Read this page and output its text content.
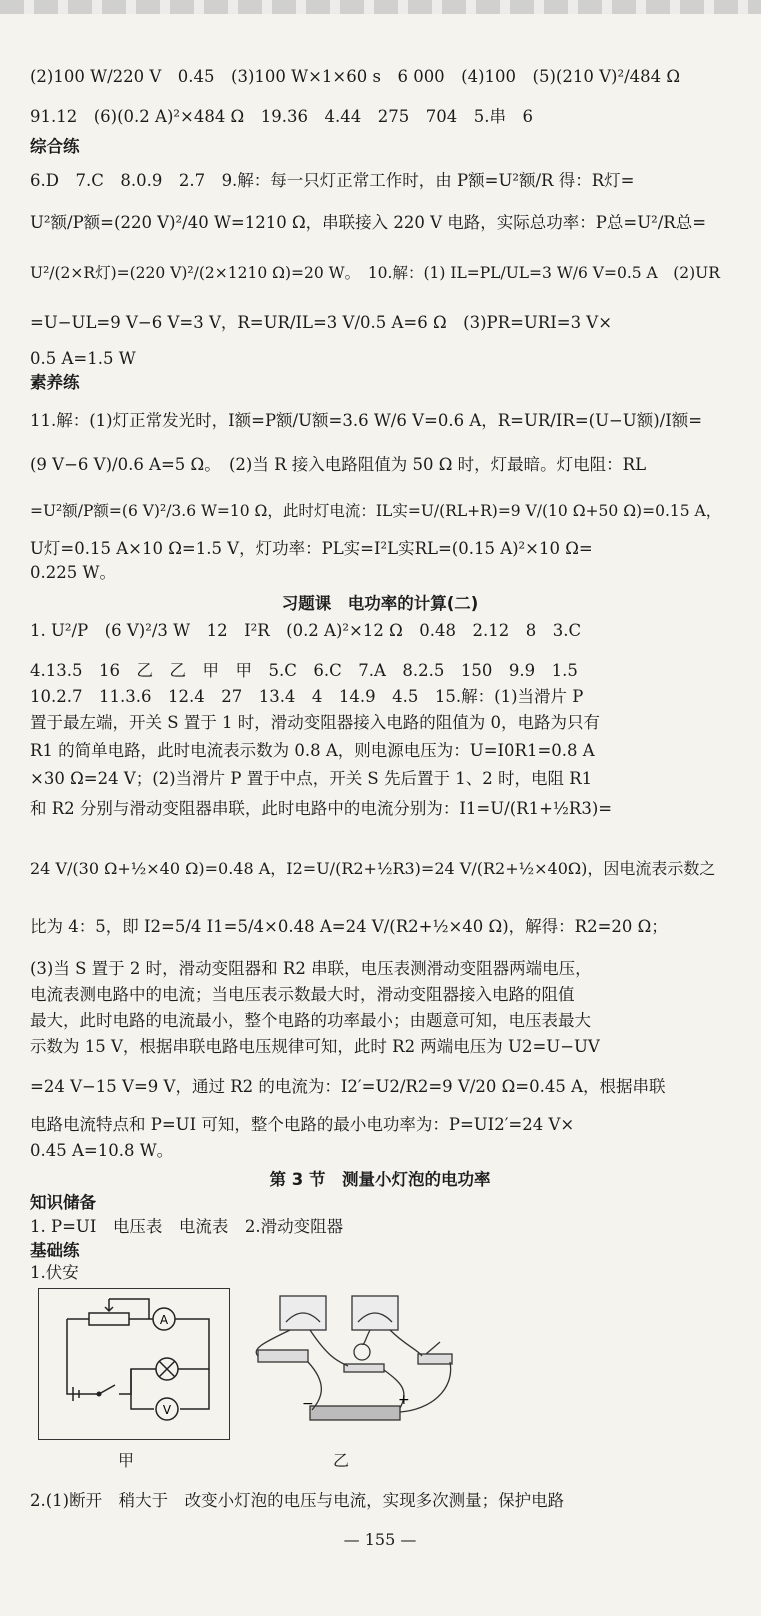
(2)100 W/220 V　0.45　(3)100 W×1×60 s　6 000　(4)100　(5)(210 V)²/484 Ω
91.12　(6)(0.2 A)²×484 Ω　19.36　4.44　275　704　5.串　6
综合练
6.D　7.C　8.0.9　2.7　9.解：每一只灯正常工作时，由 P额=U²额/R 得：R灯=
U²额/P额=(220 V)²/40 W=1210 Ω，串联接入 220 V 电路，实际总功率：P总=U²/R总=
U²/(2×R灯)=(220 V)²/(2×1210 Ω)=20 W。　10.解：(1) IL=PL/UL=3 W/6 V=0.5 A　(2)UR
=U−UL=9 V−6 V=3 V，R=UR/IL=3 V/0.5 A=6 Ω　(3)PR=URI=3 V×
0.5 A=1.5 W
素养练
11.解：(1)灯正常发光时，I额=P额/U额=3.6 W/6 V=0.6 A，R=UR/IR=(U−U额)/I额=
(9 V−6 V)/0.6 A=5 Ω。　(2)当 R 接入电路阻值为 50 Ω 时，灯最暗。灯电阻：RL
=U²额/P额=(6 V)²/3.6 W=10 Ω，此时灯电流：IL实=U/(RL+R)=9 V/(10 Ω+50 Ω)=0.15 A，
U灯=0.15 A×10 Ω=1.5 V，灯功率：PL实=I²L实RL=(0.15 A)²×10 Ω=
0.225 W。
习题课　电功率的计算(二)
1. U²/P　(6 V)²/3 W　12　I²R　(0.2 A)²×12 Ω　0.48　2.12　8　3.C
4.13.5　16　乙　乙　甲　甲　5.C　6.C　7.A　8.2.5　150　9.9　1.5
10.2.7　11.3.6　12.4　27　13.4　4　14.9　4.5　15.解：(1)当滑片 P
置于最左端，开关 S 置于 1 时，滑动变阻器接入电路的阻值为 0，电路为只有
R1 的简单电路，此时电流表示数为 0.8 A，则电源电压为：U=I0R1=0.8 A
×30 Ω=24 V；(2)当滑片 P 置于中点，开关 S 先后置于 1、2 时，电阻 R1
和 R2 分别与滑动变阻器串联，此时电路中的电流分别为：I1=U/(R1+½R3)=
24 V/(30 Ω+½×40 Ω)=0.48 A，I2=U/(R2+½R3)=24 V/(R2+½×40Ω)，因电流表示数之
比为 4：5，即 I2=5/4 I1=5/4×0.48 A=24 V/(R2+½×40 Ω)，解得：R2=20 Ω；
(3)当 S 置于 2 时，滑动变阻器和 R2 串联，电压表测滑动变阻器两端电压，
电流表测电路中的电流；当电压表示数最大时，滑动变阻器接入电路的阻值
最大，此时电路的电流最小，整个电路的功率最小；由题意可知，电压表最大
示数为 15 V，根据串联电路电压规律可知，此时 R2 两端电压为 U2=U−UV
=24 V−15 V=9 V，通过 R2 的电流为：I2′=U2/R2=9 V/20 Ω=0.45 A，根据串联
电路电流特点和 P=UI 可知，整个电路的最小电功率为：P=UI2′=24 V×
0.45 A=10.8 W。
第 3 节　测量小灯泡的电功率
知识储备
1. P=UI　电压表　电流表　2.滑动变阻器
基础练
1.伏安
2.(1)断开　稍大于　改变小灯泡的电压与电流，实现多次测量；保护电路
— 155 —
A
V
甲
−	+
乙
